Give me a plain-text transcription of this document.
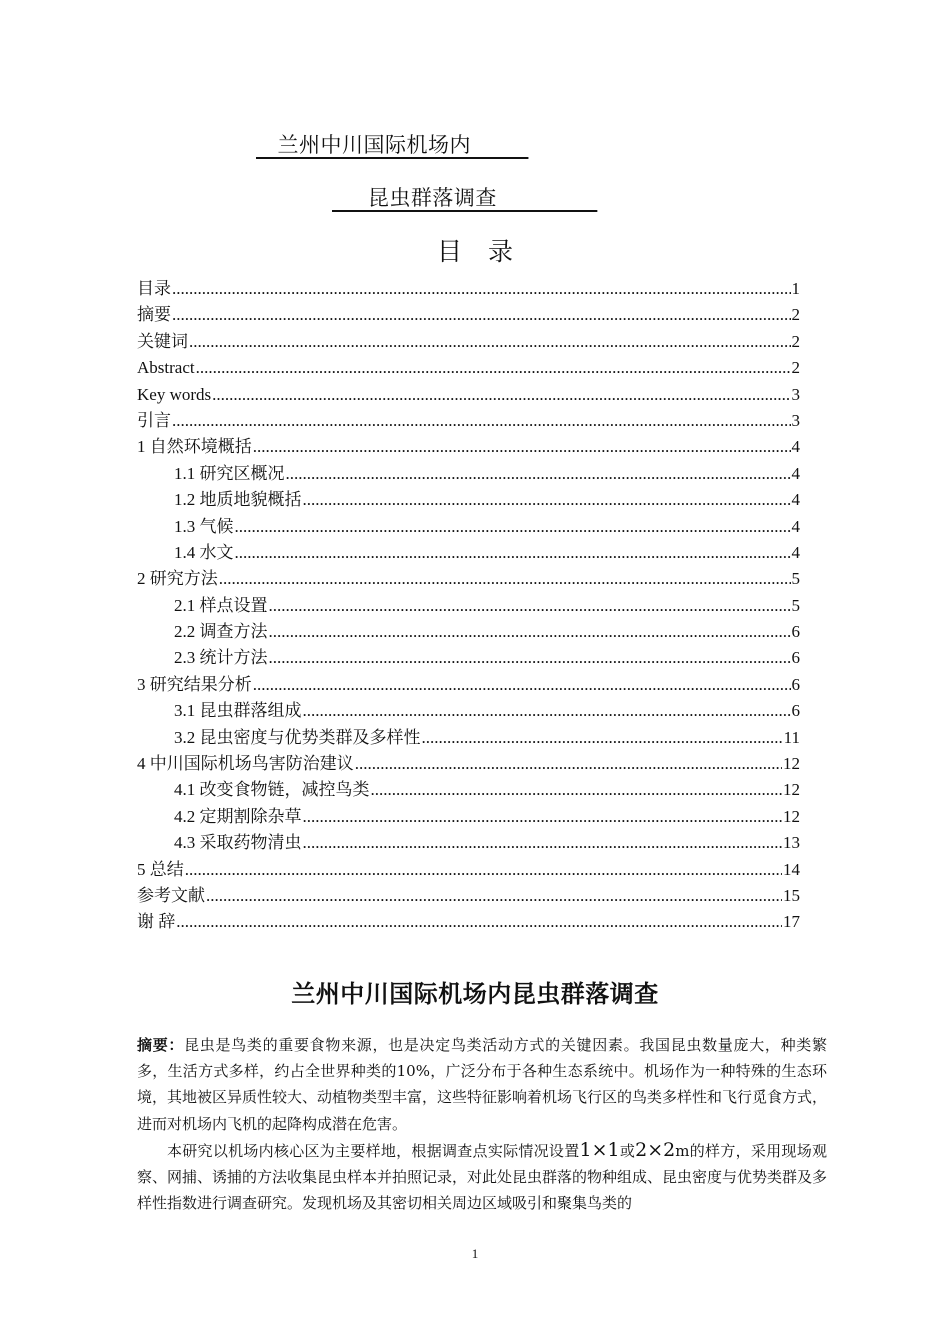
兰州中川国际机场内
昆虫群落调查
目录
目录 .....	1
摘要 .....	2
关键词 .....	2
Abstract .....	2
Key words .....	3
引言 .....	3
1 自然环境概括 .....	4
1.1 研究区概况 .....	4
1.2 地质地貌概括 .....	4
1.3 气候 .....	4
1.4 水文 .....	4
2 研究方法 .....	5
2.1 样点设置 .....	5
2.2 调查方法 .....	6
2.3 统计方法 .....	6
3 研究结果分析 .....	6
3.1 昆虫群落组成 .....	6
3.2 昆虫密度与优势类群及多样性 .....	11
4 中川国际机场鸟害防治建议 .....	12
4.1 改变食物链，减控鸟类 .....	12
4.2 定期割除杂草 .....	12
4.3 采取药物清虫 .....	13
5 总结 .....	14
参考文献 .....	15
谢 辞 .....	17
兰州中川国际机场内昆虫群落调查

摘要：昆虫是鸟类的重要食物来源，也是决定鸟类活动方式的关键因素。我国昆虫数量庞大，种类繁多，生活方式多样，约占全世界种类的10%，广泛分布于各种生态系统中。机场作为一种特殊的生态环境，其地被区异质性较大、动植物类型丰富，这些特征影响着机场飞行区的鸟类多样性和飞行觅食方式，进而对机场内飞机的起降构成潜在危害。

本研究以机场内核心区为主要样地，根据调查点实际情况设置1×1或2×2m的样方，采用现场观察、网捕、诱捕的方法收集昆虫样本并拍照记录，对此处昆虫群落的物种组成、昆虫密度与优势类群及多样性指数进行调查研究。发现机场及其密切相关周边区域吸引和聚集鸟类的

1
